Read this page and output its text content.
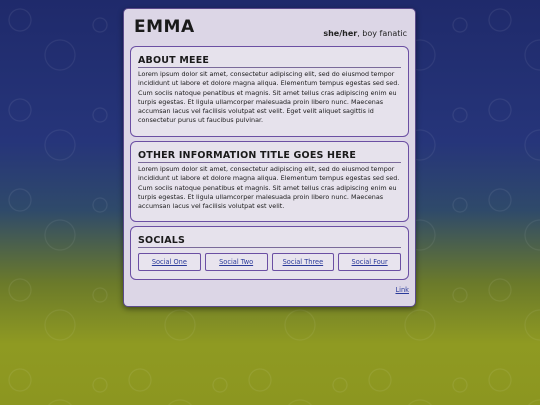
EMMA	she/her, boy fanatic
ABOUT MEEE
Lorem ipsum dolor sit amet, consectetur adipiscing elit, sed do eiusmod tempor incididunt ut labore et dolore magna aliqua. Elementum tempus egestas sed sed. Cum sociis natoque penatibus et magnis. Sit amet tellus cras adipiscing enim eu turpis egestas. Et ligula ullamcorper malesuada proin libero nunc. Maecenas accumsan lacus vel facilisis volutpat est velit. Eget velit aliquet sagittis id consectetur purus ut faucibus pulvinar.
OTHER INFORMATION TITLE GOES HERE
Lorem ipsum dolor sit amet, consectetur adipiscing elit, sed do eiusmod tempor incididunt ut labore et dolore magna aliqua. Elementum tempus egestas sed sed. Cum sociis natoque penatibus et magnis. Sit amet tellus cras adipiscing enim eu turpis egestas. Et ligula ullamcorper malesuada proin libero nunc. Maecenas accumsan lacus vel facilisis volutpat est velit.
SOCIALS
Social One	Social Two	Social Three	Social Four
Link
